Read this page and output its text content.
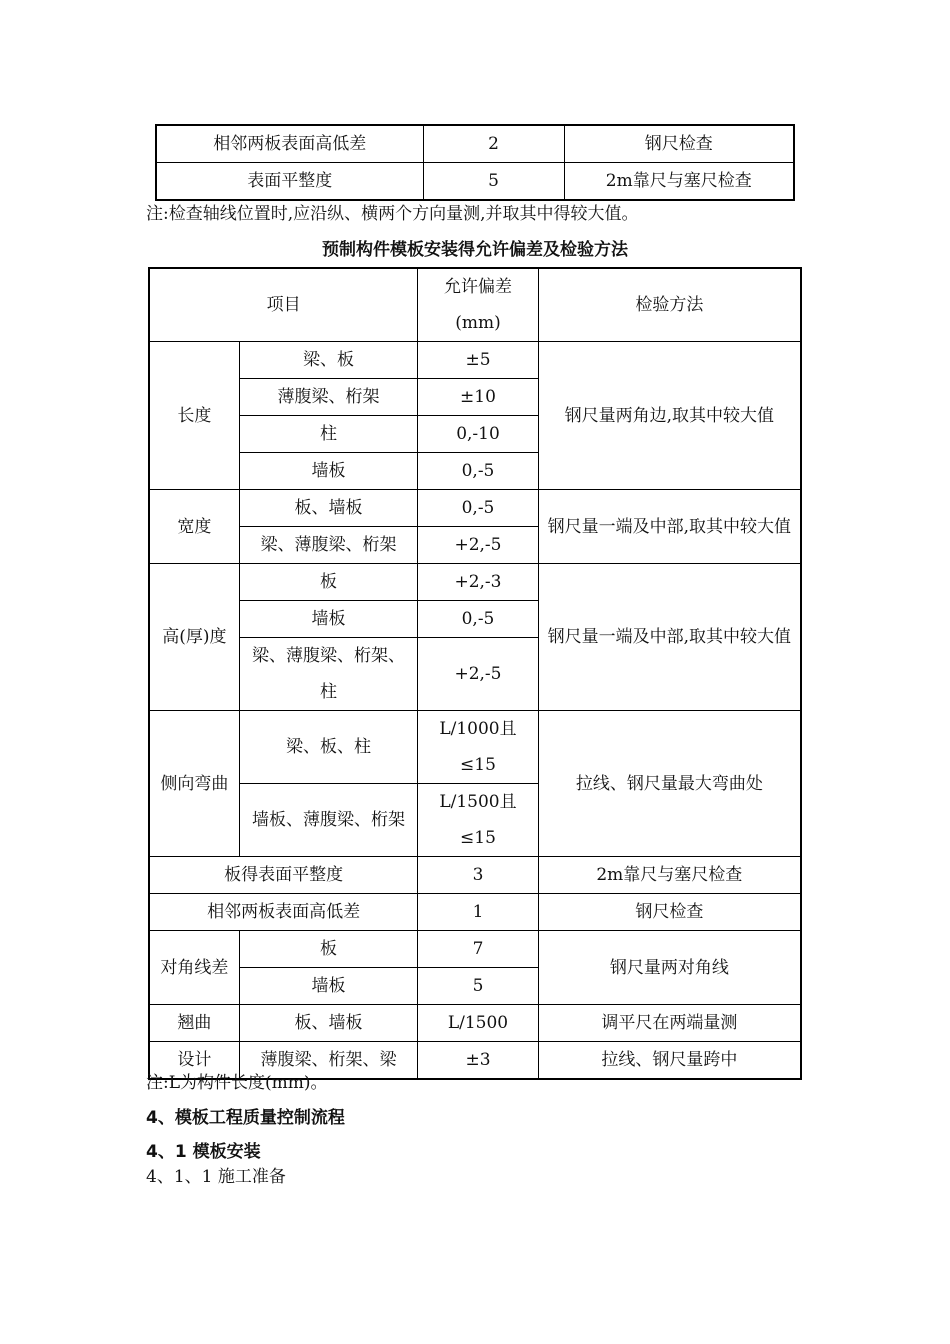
相邻两板表面高低差	2	钢尺检查
表面平整度	5	2m靠尺与塞尺检查
注:检查轴线位置时,应沿纵、横两个方向量测,并取其中得较大值。
预制构件模板安装得允许偏差及检验方法
项目		允许偏差(mm)	检验方法
长度	梁、板	±5	钢尺量两角边,取其中较大值
	薄腹梁、桁架	±10	
	柱	0,-10	
	墙板	0,-5	
宽度	板、墙板	0,-5	钢尺量一端及中部,取其中较大值
	梁、薄腹梁、桁架	+2,-5	
高(厚)度	板	+2,-3	钢尺量一端及中部,取其中较大值
	墙板	0,-5	
	梁、薄腹梁、桁架、柱	+2,-5	
侧向弯曲	梁、板、柱	L/1000且≤15	拉线、钢尺量最大弯曲处
	墙板、薄腹梁、桁架	L/1500且≤15	
板得表面平整度		3	2m靠尺与塞尺检查
相邻两板表面高低差		1	钢尺检查
对角线差	板	7	钢尺量两对角线
	墙板	5	
翘曲	板、墙板	L/1500	调平尺在两端量测
设计	薄腹梁、桁架、梁	±3	拉线、钢尺量跨中
注:L为构件长度(mm)。
4、模板工程质量控制流程
4、1 模板安装
4、1、1 施工准备
